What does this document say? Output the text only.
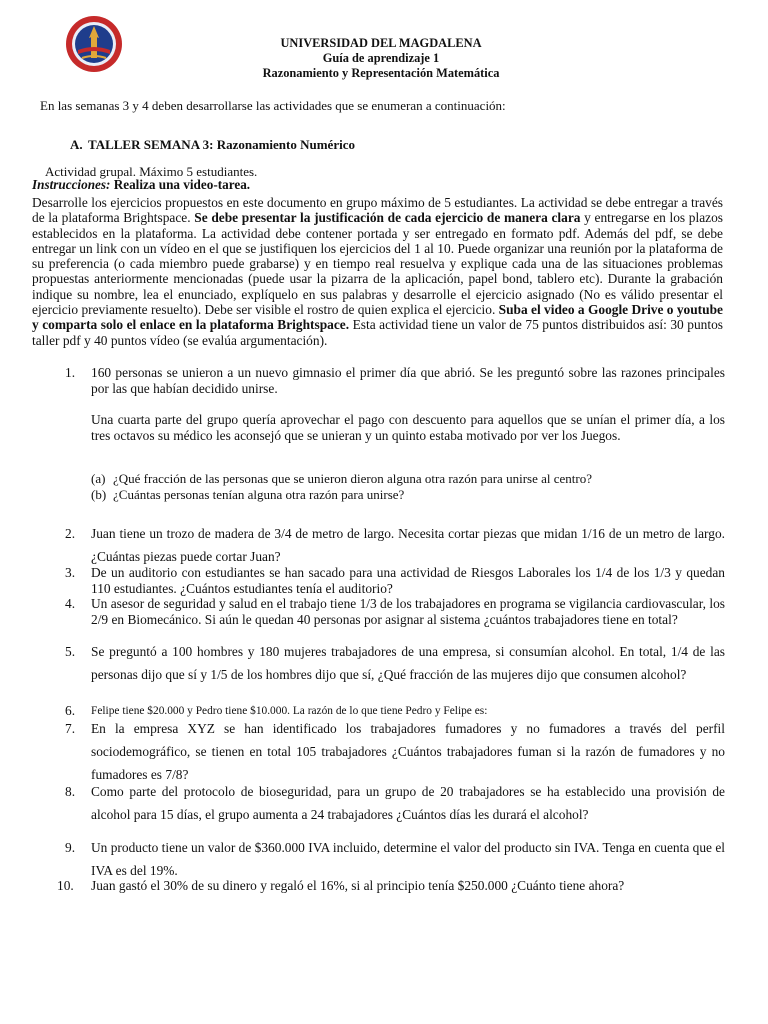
UNIVERSIDAD DEL MAGDALENA
Guía de aprendizaje 1
Razonamiento y Representación Matemática
En las semanas 3 y 4 deben desarrollarse las actividades que se enumeran a continuación:
A. TALLER SEMANA 3: Razonamiento Numérico
Actividad grupal. Máximo 5 estudiantes.
Instrucciones: Realiza una video-tarea.
Desarrolle los ejercicios propuestos en este documento en grupo máximo de 5 estudiantes. La actividad se debe entregar a través de la plataforma Brightspace. Se debe presentar la justificación de cada ejercicio de manera clara y entregarse en los plazos establecidos en la plataforma. La actividad debe contener portada y ser entregado en formato pdf. Además del pdf, se debe entregar un link con un vídeo en el que se justifiquen los ejercicios del 1 al 10. Puede organizar una reunión por la plataforma de su preferencia (o cada miembro puede grabarse) y en tiempo real resuelva y explique cada una de las situaciones problemas propuestas anteriormente mencionadas (puede usar la pizarra de la aplicación, papel bond, tablero etc). Durante la grabación indique su nombre, lea el enunciado, explíquelo en sus palabras y desarrolle el ejercicio asignado (No es válido presentar el ejercicio previamente resuelto). Debe ser visible el rostro de quien explica el ejercicio. Suba el video a Google Drive o youtube y comparta solo el enlace en la plataforma Brightspace. Esta actividad tiene un valor de 75 puntos distribuidos así: 30 puntos taller pdf y 40 puntos vídeo (se evalúa argumentación).
1.	160 personas se unieron a un nuevo gimnasio el primer día que abrió. Se les preguntó sobre las razones principales por las que habían decidido unirse.
Una cuarta parte del grupo quería aprovechar el pago con descuento para aquellos que se unían el primer día, a los tres octavos su médico les aconsejó que se unieran y un quinto estaba motivado por ver los Juegos.
(a) ¿Qué fracción de las personas que se unieron dieron alguna otra razón para unirse al centro?
(b) ¿Cuántas personas tenían alguna otra razón para unirse?
2.	Juan tiene un trozo de madera de 3/4 de metro de largo. Necesita cortar piezas que midan 1/16 de un metro de largo. ¿Cuántas piezas puede cortar Juan?
3.	De un auditorio con estudiantes se han sacado para una actividad de Riesgos Laborales los 1/4 de los 1/3 y quedan 110 estudiantes. ¿Cuántos estudiantes tenía el auditorio?
4.	Un asesor de seguridad y salud en el trabajo tiene 1/3 de los trabajadores en programa se vigilancia cardiovascular, los 2/9 en Biomecánico. Si aún le quedan 40 personas por asignar al sistema ¿cuántos trabajadores tiene en total?
5.	Se preguntó a 100 hombres y 180 mujeres trabajadores de una empresa, si consumían alcohol. En total, 1/4 de las personas dijo que sí y 1/5 de los hombres dijo que sí, ¿Qué fracción de las mujeres dijo que consumen alcohol?
6.	Felipe tiene $20.000 y Pedro tiene $10.000. La razón de lo que tiene Pedro y Felipe es:
7.	En la empresa XYZ se han identificado los trabajadores fumadores y no fumadores a través del perfil sociodemográfico, se tienen en total 105 trabajadores ¿Cuántos trabajadores fuman si la razón de fumadores y no fumadores es 7/8?
8.	Como parte del protocolo de bioseguridad, para un grupo de 20 trabajadores se ha establecido una provisión de alcohol para 15 días, el grupo aumenta a 24 trabajadores ¿Cuántos días les durará el alcohol?
9.	Un producto tiene un valor de $360.000 IVA incluido, determine el valor del producto sin IVA. Tenga en cuenta que el IVA es del 19%.
10.	Juan gastó el 30% de su dinero y regaló el 16%, si al principio tenía $250.000 ¿Cuánto tiene ahora?
